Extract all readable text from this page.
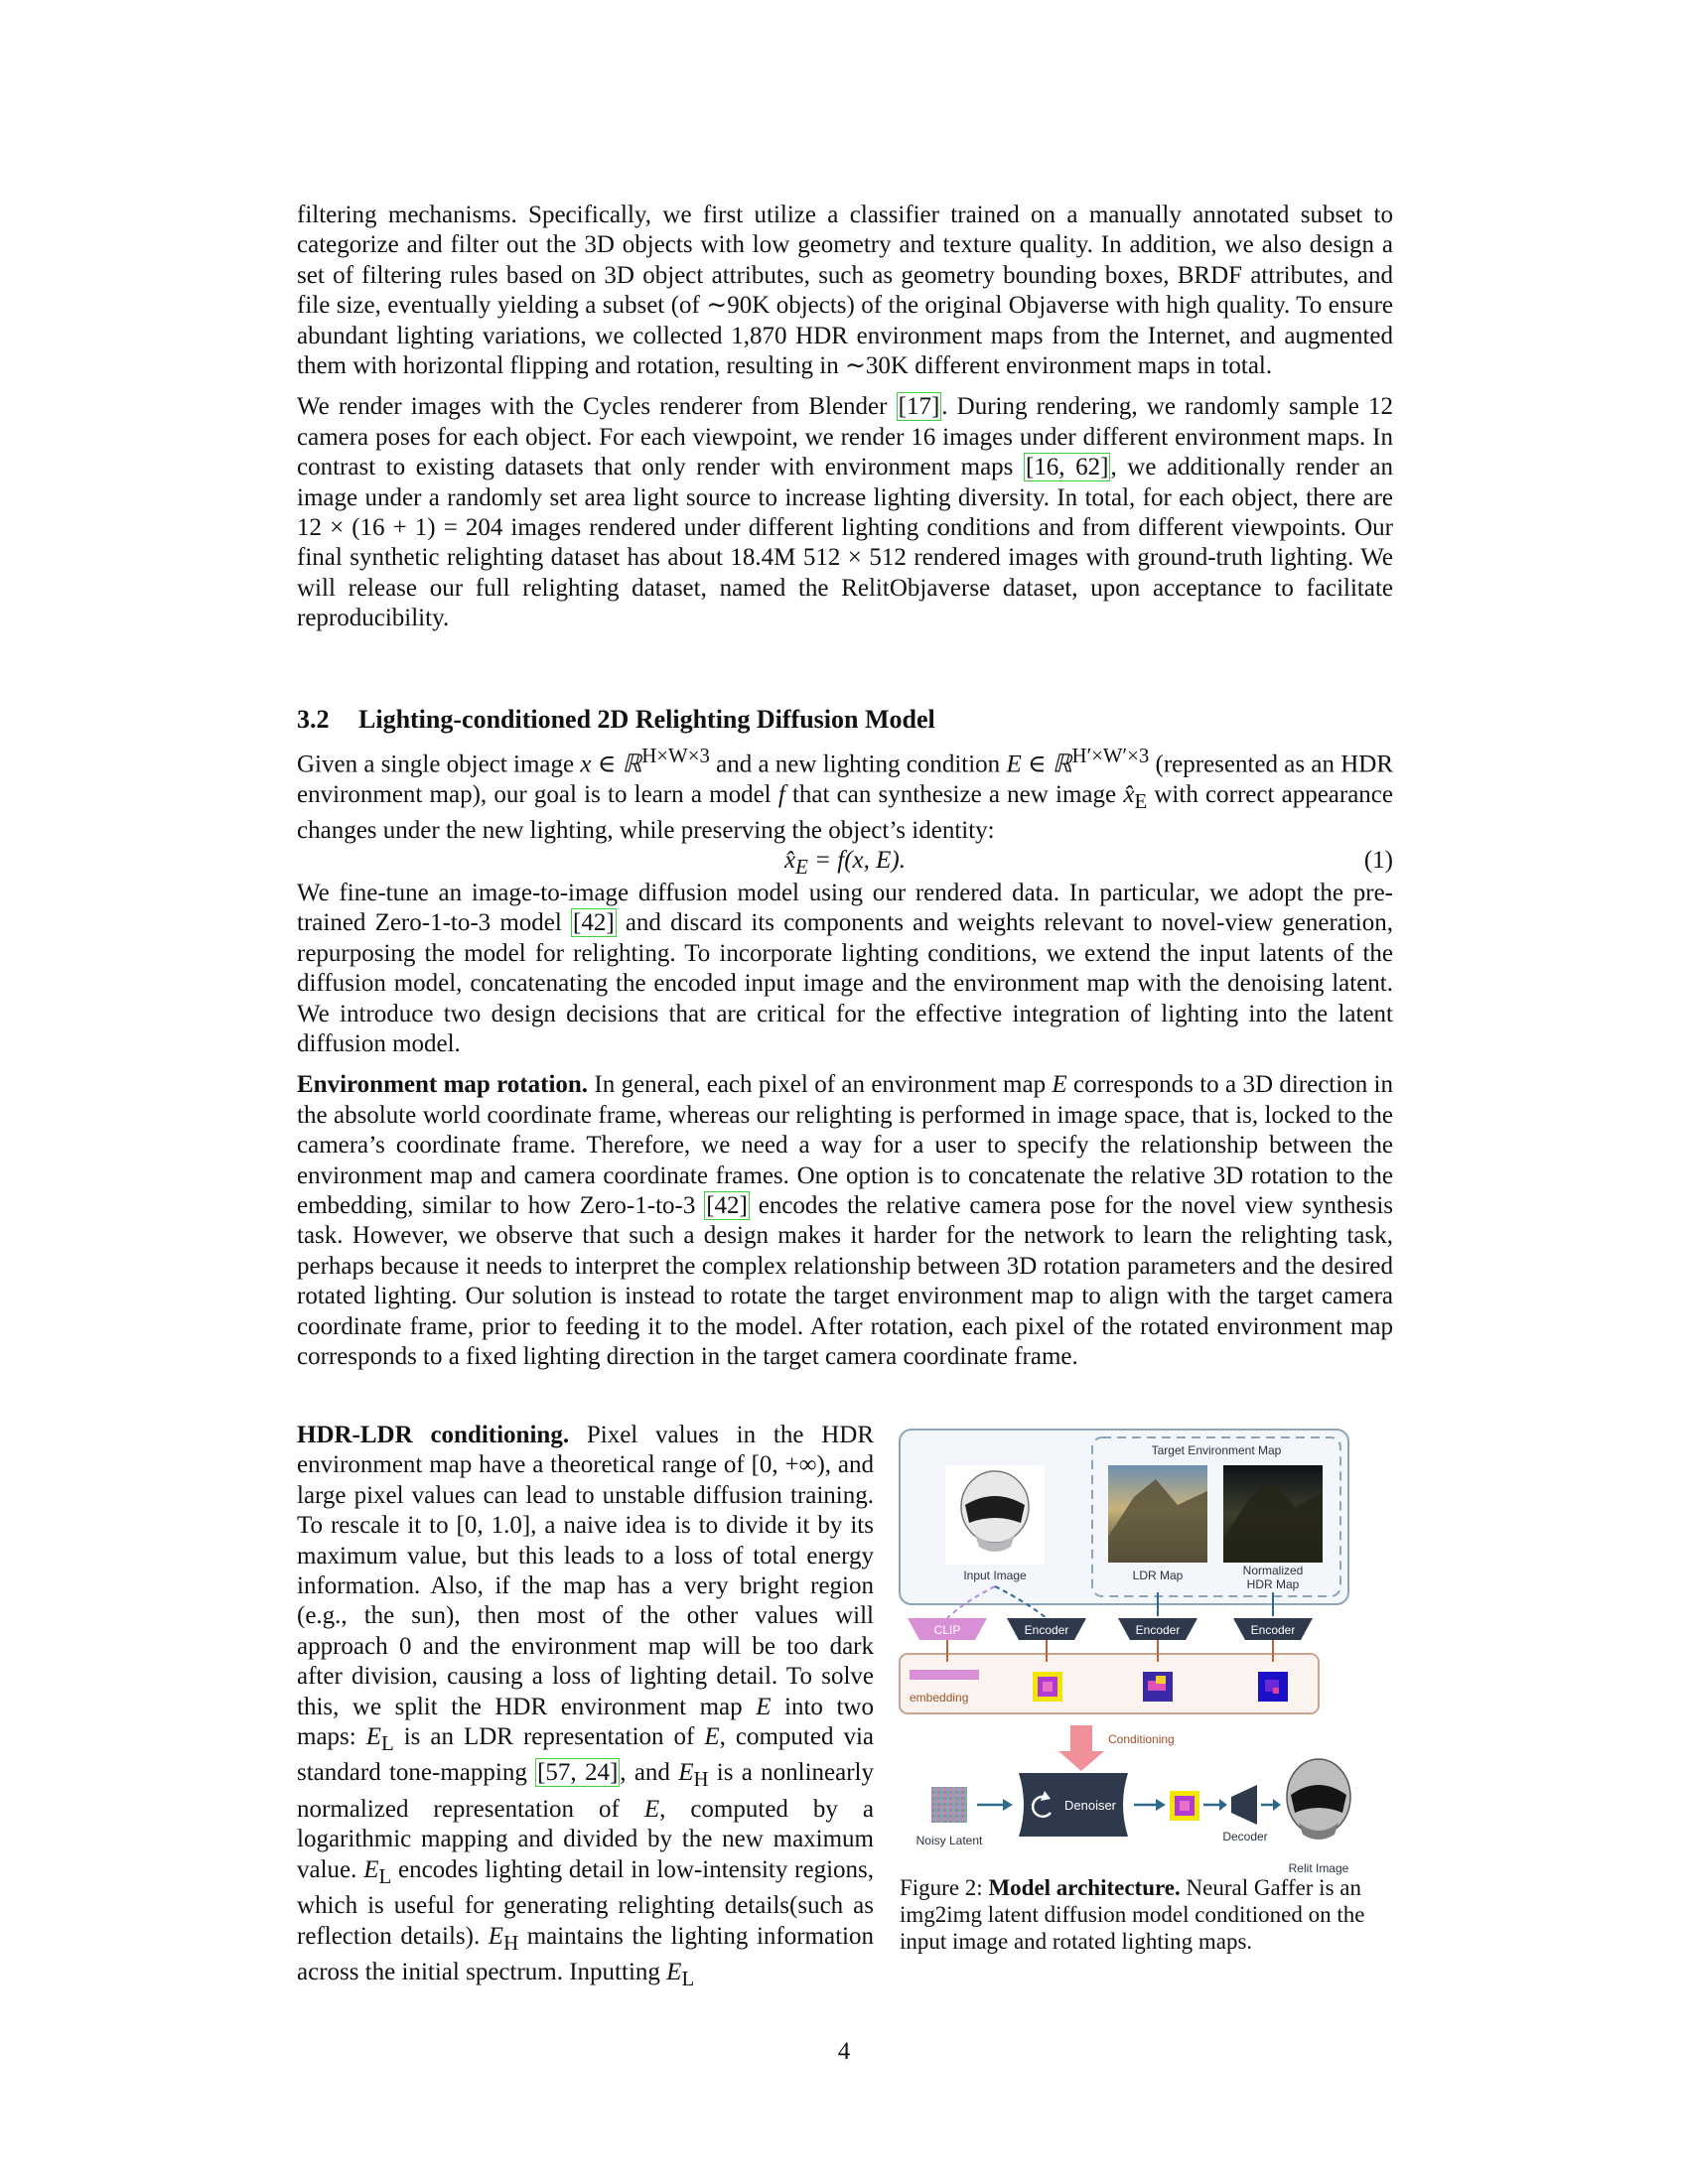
filtering mechanisms. Specifically, we first utilize a classifier trained on a manually annotated subset to categorize and filter out the 3D objects with low geometry and texture quality. In addition, we also design a set of filtering rules based on 3D object attributes, such as geometry bounding boxes, BRDF attributes, and file size, eventually yielding a subset (of ∼90K objects) of the original Objaverse with high quality. To ensure abundant lighting variations, we collected 1,870 HDR environment maps from the Internet, and augmented them with horizontal flipping and rotation, resulting in ∼30K different environment maps in total.

We render images with the Cycles renderer from Blender [17]. During rendering, we randomly sample 12 camera poses for each object. For each viewpoint, we render 16 images under different environment maps. In contrast to existing datasets that only render with environment maps [16, 62], we additionally render an image under a randomly set area light source to increase lighting diversity. In total, for each object, there are 12 × (16 + 1) = 204 images rendered under different lighting conditions and from different viewpoints. Our final synthetic relighting dataset has about 18.4M 512 × 512 rendered images with ground-truth lighting. We will release our full relighting dataset, named the RelitObjaverse dataset, upon acceptance to facilitate reproducibility.

3.2 Lighting-conditioned 2D Relighting Diffusion Model

Given a single object image x ∈ ℝ$^{H\times W\times 3}$ and a new lighting condition E ∈ ℝ$^{H'\times W'\times 3}$ (represented as an HDR environment map), our goal is to learn a model f that can synthesize a new image $x̂_E$ with correct appearance changes under the new lighting, while preserving the object’s identity:

$x̂_E = f(x$, E).	(1)

We fine-tune an image-to-image diffusion model using our rendered data. In particular, we adopt the pre-trained Zero-1-to-3 model [42] and discard its components and weights relevant to novel-view generation, repurposing the model for relighting. To incorporate lighting conditions, we extend the input latents of the diffusion model, concatenating the encoded input image and the environment map with the denoising latent. We introduce two design decisions that are critical for the effective integration of lighting into the latent diffusion model.

Environment map rotation. In general, each pixel of an environment map E corresponds to a 3D direction in the absolute world coordinate frame, whereas our relighting is performed in image space, that is, locked to the camera’s coordinate frame. Therefore, we need a way for a user to specify the relationship between the environment map and camera coordinate frames. One option is to concatenate the relative 3D rotation to the embedding, similar to how Zero-1-to-3 [42] encodes the relative camera pose for the novel view synthesis task. However, we observe that such a design makes it harder for the network to learn the relighting task, perhaps because it needs to interpret the complex relationship between 3D rotation parameters and the desired rotated lighting. Our solution is instead to rotate the target environment map to align with the target camera coordinate frame, prior to feeding it to the model. After rotation, each pixel of the rotated environment map corresponds to a fixed lighting direction in the target camera coordinate frame.

HDR-LDR conditioning. Pixel values in the HDR environment map have a theoretical range of [0, +∞), and large pixel values can lead to unstable diffusion training. To rescale it to [0, 1.0], a naive idea is to divide it by its maximum value, but this leads to a loss of total energy information. Also, if the map has a very bright region (e.g., the sun), then most of the other values will approach 0 and the environment map will be too dark after division, causing a loss of lighting detail. To solve this, we split the HDR environment map E into two maps: $E_L$ is an LDR representation of E, computed via standard tone-mapping [57, 24], and $E_H$ is a nonlinearly normalized representation of E, computed by a logarithmic mapping and divided by the new maximum value. $E_L$ encodes lighting detail in low-intensity regions, which is useful for generating relighting details(such as reflection details). $E_H$ maintains the lighting information across the initial spectrum. Inputting $E_L$
Target Environment Map
Input Image	LDR Map	Normalized
HDR Map
CLIP	Encoder	Encoder	Encoder
embedding
Conditioning
Noisy Latent
Denoiser
Decoder
Relit Image
Figure 2: Model architecture. Neural Gaffer is an img2img latent diffusion model conditioned on the input image and rotated lighting maps.
4
